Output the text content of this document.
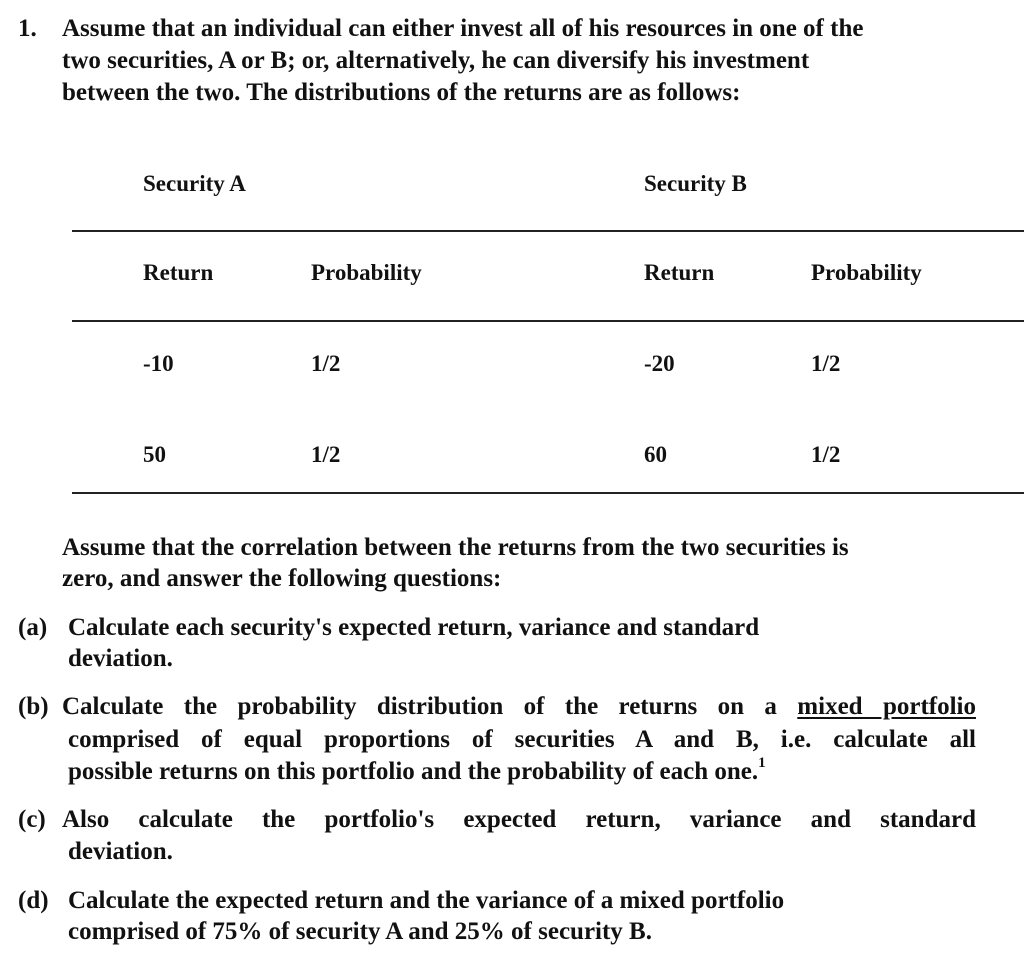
1. Assume that an individual can either invest all of his resources in one of the
two securities, A or B; or, alternatively, he can diversify his investment
between the two. The distributions of the returns are as follows:
Security A	Security B
Return	Probability	Return	Probability
-10	1/2	-20	1/2
50	1/2	60	1/2
Assume that the correlation between the returns from the two securities is
zero, and answer the following questions:
(a) Calculate each security's expected return, variance and standard
deviation.
(b) Calculate the probability distribution of the returns on a mixed portfolio
comprised of equal proportions of securities A and B, i.e. calculate all
possible returns on this portfolio and the probability of each one.$^1$
(c) Also calculate the portfolio's expected return, variance and standard
deviation.
(d) Calculate the expected return and the variance of a mixed portfolio
comprised of 75% of security A and 25% of security B.
